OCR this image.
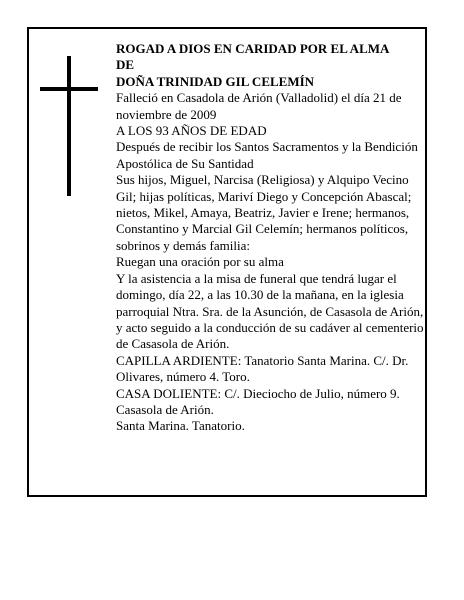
ROGAD A DIOS EN CARIDAD POR EL ALMA

DE

DOÑA TRINIDAD GIL CELEMÍN

Falleció en Casadola de Arión (Valladolid) el día 21 de noviembre de 2009

A LOS 93 AÑOS DE EDAD

Después de recibir los Santos Sacramentos y la Bendición Apostólica de Su Santidad

Sus hijos, Miguel, Narcisa (Religiosa) y Alquipo Vecino Gil; hijas políticas, Mariví Diego y Concepción Abascal; nietos, Mikel, Amaya, Beatriz, Javier e Irene; hermanos, Constantino y Marcial Gil Celemín; hermanos políticos, sobrinos y demás familia:

Ruegan una oración por su alma

Y la asistencia a la misa de funeral que tendrá lugar el domingo, día 22, a las 10.30 de la mañana, en la iglesia parroquial Ntra. Sra. de la Asunción, de Casasola de Arión, y acto seguido a la conducción de su cadáver al cementerio de Casasola de Arión.

CAPILLA ARDIENTE: Tanatorio Santa Marina. C/. Dr. Olivares, número 4. Toro.

CASA DOLIENTE: C/. Dieciocho de Julio, número 9. Casasola de Arión.

Santa Marina. Tanatorio.
